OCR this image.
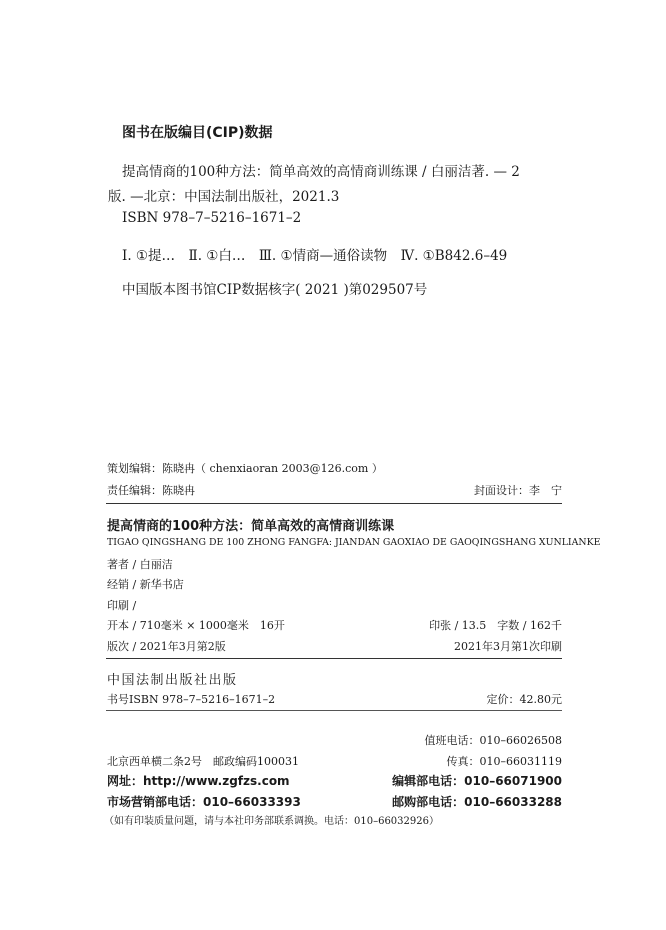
图书在版编目(CIP)数据
提高情商的100种方法：简单高效的高情商训练课 / 白丽洁著. — 2
版. —北京：中国法制出版社，2021.3
ISBN 978–7–5216–1671–2
Ⅰ. ①提…　Ⅱ. ①白…　Ⅲ. ①情商—通俗读物　Ⅳ. ①B842.6–49
中国版本图书馆CIP数据核字( 2021 )第029507号
策划编辑：陈晓冉（ chenxiaoran 2003@126.com ）
责任编辑：陈晓冉	封面设计：李　宁
提高情商的100种方法：简单高效的高情商训练课
TIGAO QINGSHANG DE 100 ZHONG FANGFA: JIANDAN GAOXIAO DE GAOQINGSHANG XUNLIANKE
著者 / 白丽洁
经销 / 新华书店
印刷 /
开本 / 710毫米 × 1000毫米　16开	印张 / 13.5　字数 / 162千
版次 / 2021年3月第2版	2021年3月第1次印刷
中国法制出版社出版
书号ISBN 978–7–5216–1671–2	定价：42.80元
值班电话：010–66026508
北京西单横二条2号　邮政编码100031	传真：010–66031119
网址：http://www.zgfzs.com	编辑部电话：010–66071900
市场营销部电话：010–66033393	邮购部电话：010–66033288
（如有印装质量问题，请与本社印务部联系调换。电话：010–66032926）
